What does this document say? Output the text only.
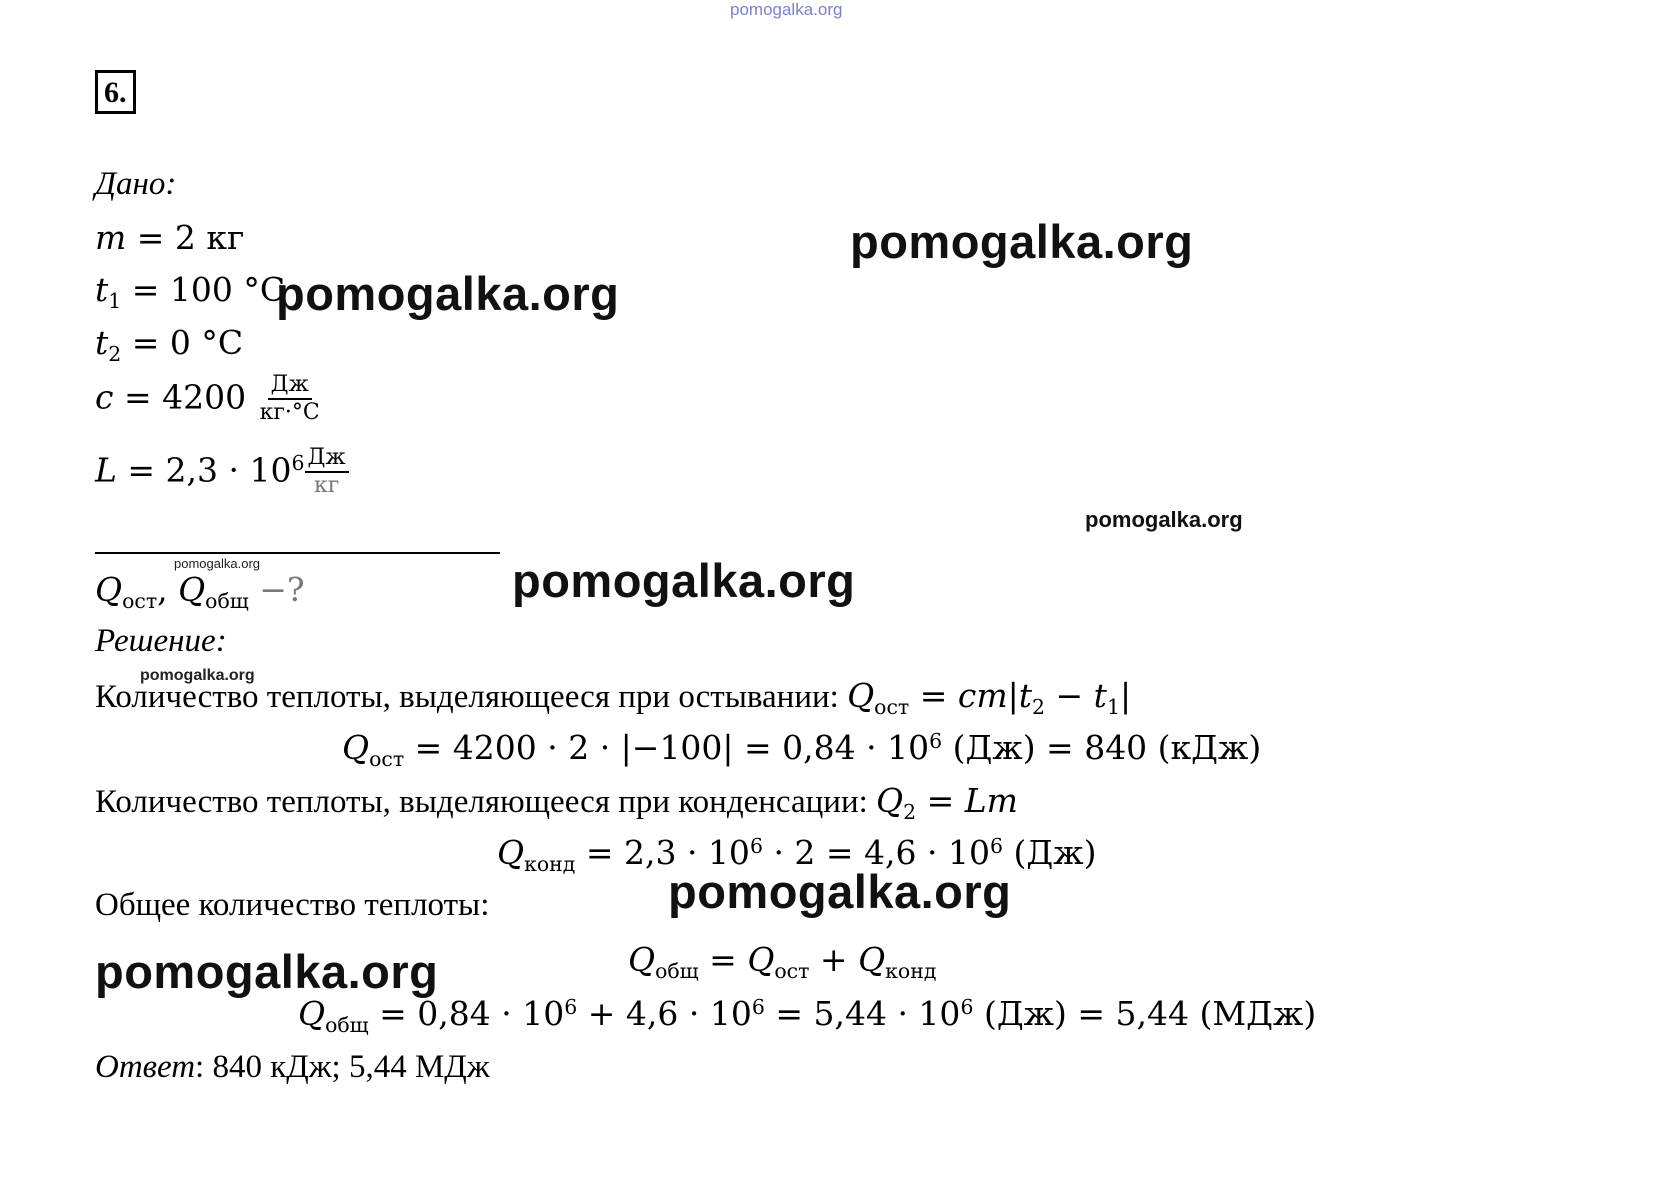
pomogalka.org
6.
Дано:
m = 2 кг
$t_1 = 100$ °C
$t_2 = 0$ °C
$c = 4200 \frac{Дж}{кг\cdot^\circ C}$
$L = 2,3 \cdot 10^6 \frac{Дж}{кг}$
$Q_{ост}$, $Q_{общ}$ −?
Решение:
Количество теплоты, выделяющееся при остывании: $Q_{ост} = cm|t_2 - t_1|$
$Q_{ост} = 4200 \cdot 2 \cdot |-100| = 0,84 \cdot 10^6$ (Дж) = 840 (кДж)
Количество теплоты, выделяющееся при конденсации: $Q_2 = Lm$
$Q_{конд} = 2,3 \cdot 10^6 \cdot 2 = 4,6 \cdot 10^6$ (Дж)
Общее количество теплоты:
$Q_{общ} = Q_{ост} + Q_{конд}$
$Q_{общ} = 0,84 \cdot 10^6 + 4,6 \cdot 10^6 = 5,44 \cdot 10^6$ (Дж) = 5,44 (МДж)
Ответ: 840 кДж; 5,44 МДж
pomogalka.org
pomogalka.org
pomogalka.org
pomogalka.org	pomogalka.org
pomogalka.org
pomogalka.org
pomogalka.org
